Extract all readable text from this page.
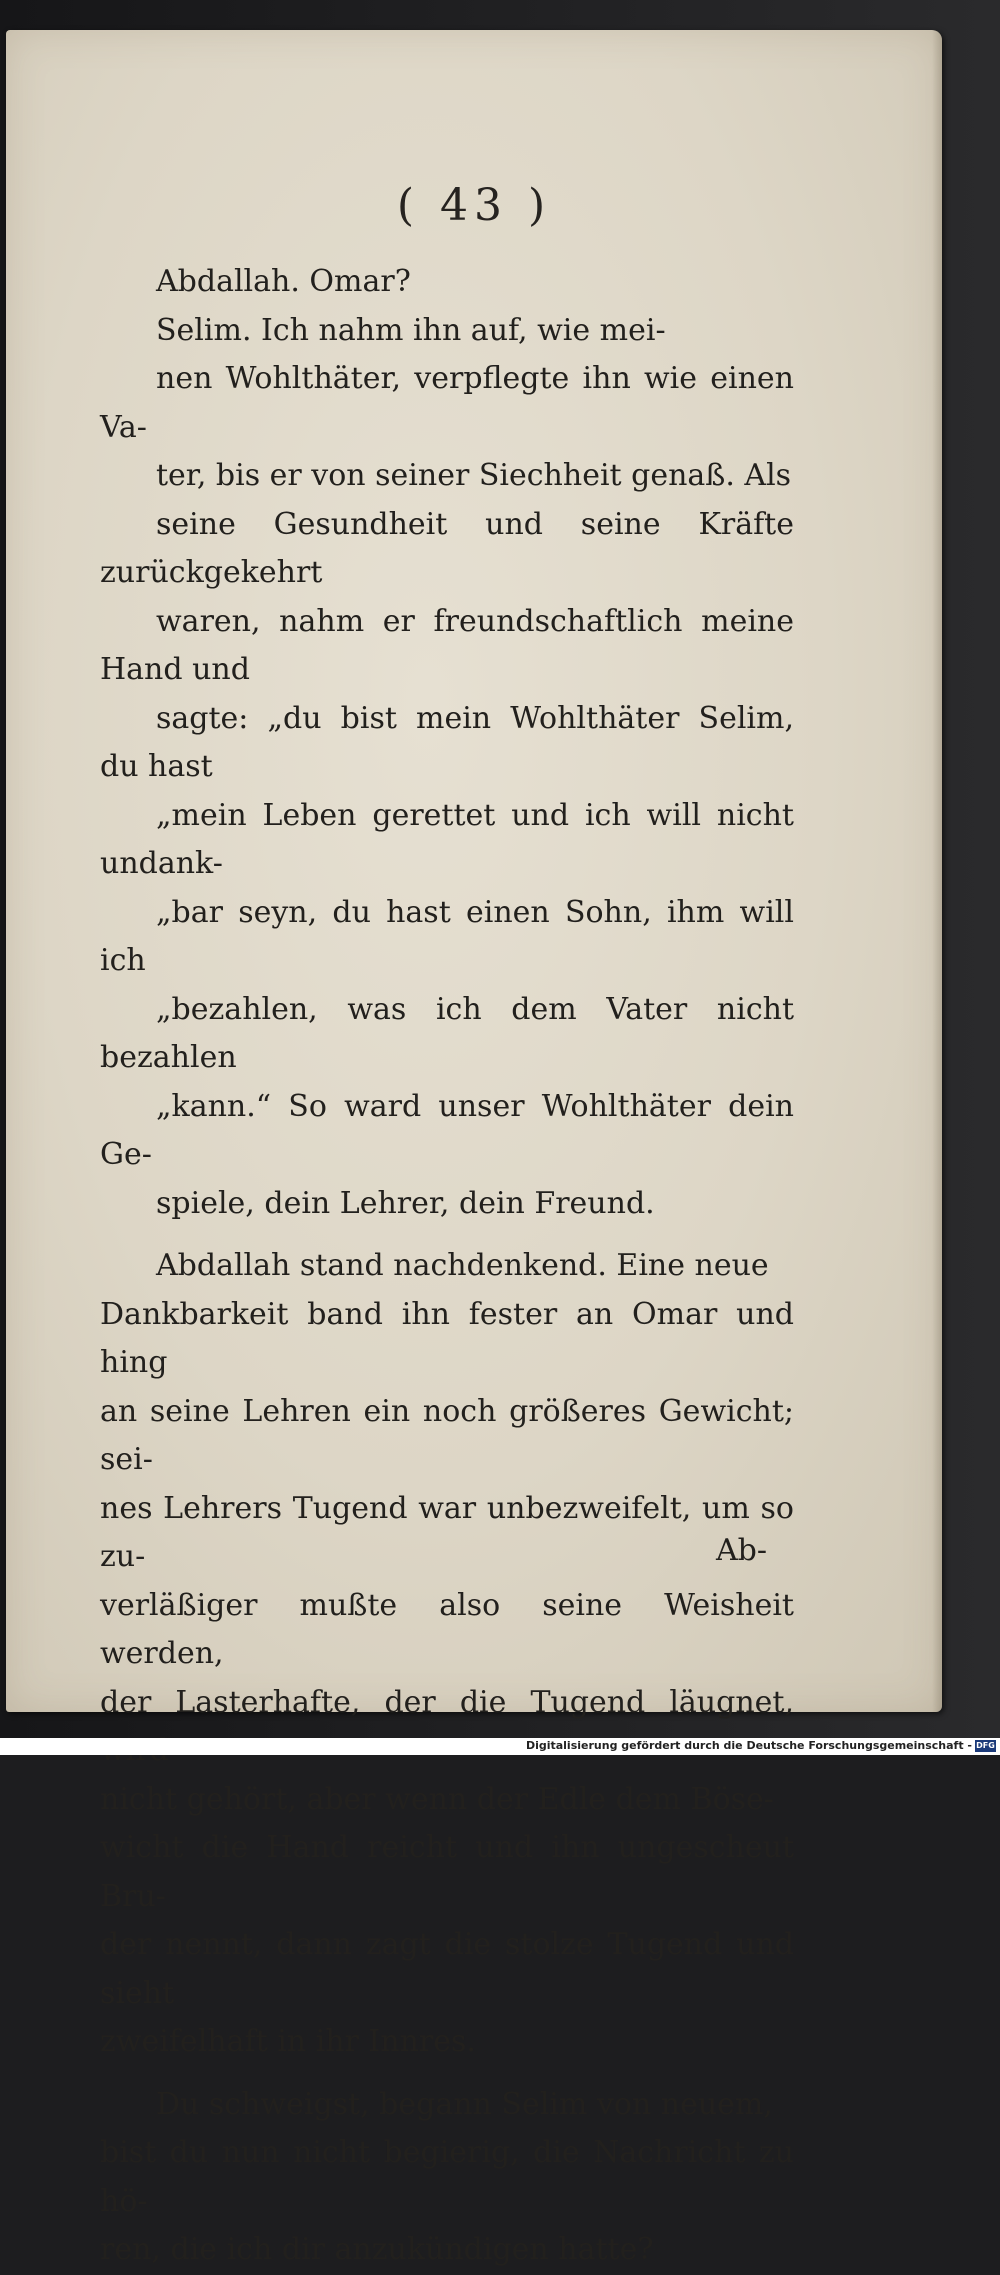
( 43 )

Abdallah. Omar?
Selim. Ich nahm ihn auf, wie mei-
nen Wohlthäter, verpflegte ihn wie einen Va-
ter, bis er von seiner Siechheit genaß. Als
seine Gesundheit und seine Kräfte zurückgekehrt
waren, nahm er freundschaftlich meine Hand und
sagte: „du bist mein Wohlthäter Selim, du hast
„mein Leben gerettet und ich will nicht undank-
„bar seyn, du hast einen Sohn, ihm will ich
„bezahlen, was ich dem Vater nicht bezahlen
„kann.“ So ward unser Wohlthäter dein Ge-
spiele, dein Lehrer, dein Freund.

Abdallah stand nachdenkend. Eine neue
Dankbarkeit band ihn fester an Omar und hing
an seine Lehren ein noch größeres Gewicht; sei-
nes Lehrers Tugend war unbezweifelt, um so zu-
verläßiger mußte also seine Weisheit werden,
der Lasterhafte, der die Tugend läugnet,
nicht gehört, aber wenn der Edle dem Böse-
wicht die Hand reicht und ihn ungescheut Bru-
der nennt, dann zagt die stolze Tugend und sieht
zweifelhaft in ihr Innres.

Du schweigst, begann Selim von neuem,
bist du nun nicht begierig, die Nachricht zu hö-
ren, die ich dir anzukündigen hatte?

Ab-
Digitalisierung gefördert durch die Deutsche Forschungsgemeinschaft - DFG
